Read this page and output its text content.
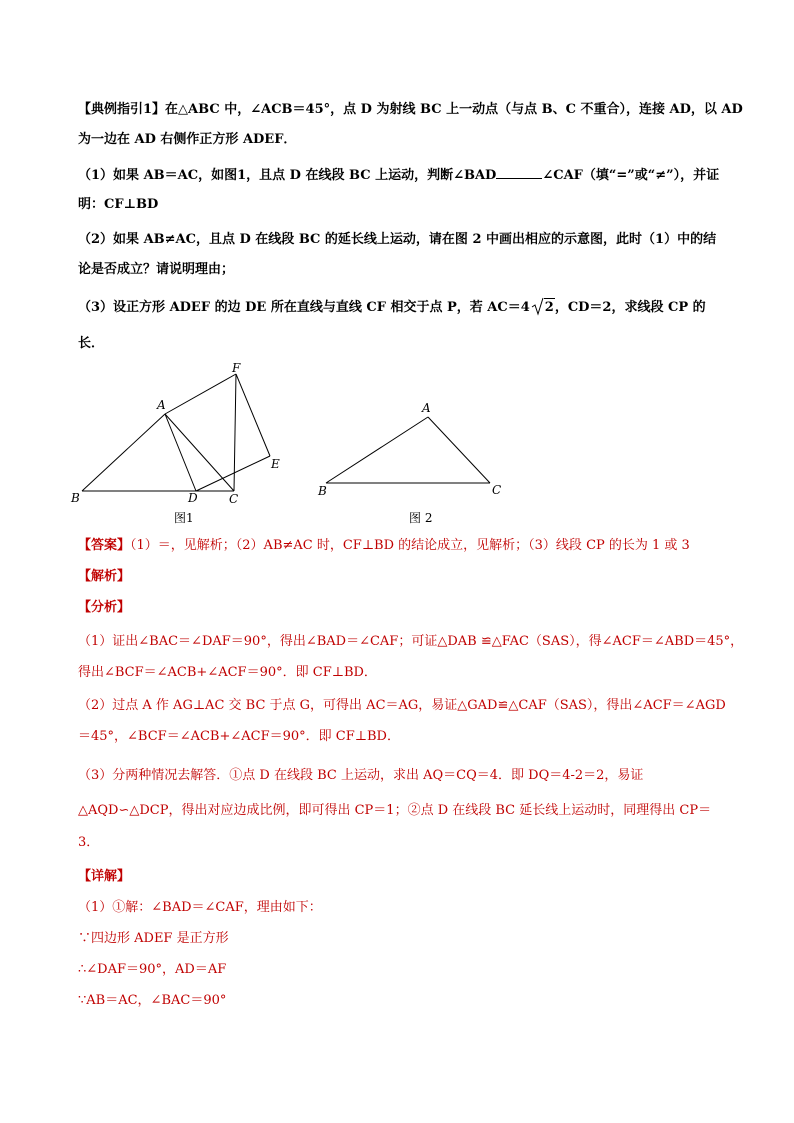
【典例指引1】在△ABC 中，∠ACB＝45°，点 D 为射线 BC 上一动点（与点 B、C 不重合），连接 AD，以 AD
为一边在 AD 右侧作正方形 ADEF．
（1）如果 AB＝AC，如图1，且点 D 在线段 BC 上运动，判断∠BAD	∠CAF（填“=”或“≠”），并证
明：CF⊥BD
（2）如果 AB≠AC，且点 D 在线段 BC 的延长线上运动，请在图 2 中画出相应的示意图，此时（1）中的结
论是否成立？请说明理由；
（3）设正方形 ADEF 的边 DE 所在直线与直线 CF 相交于点 P，若 AC＝4 2，CD＝2，求线段 CP 的
长．
B
A
D	C
F
E
图1
B
A
C
图 2
【答案】（1）＝，见解析；（2）AB≠AC 时，CF⊥BD 的结论成立，见解析；（3）线段 CP 的长为 1 或 3
【解析】
【分析】
（1）证出∠BAC＝∠DAF＝90°，得出∠BAD＝∠CAF；可证△DAB ≌△FAC（SAS），得∠ACF＝∠ABD＝45°，
得出∠BCF＝∠ACB+∠ACF＝90°．即 CF⊥BD．
（2）过点 A 作 AG⊥AC 交 BC 于点 G，可得出 AC＝AG，易证△GAD≌△CAF（SAS），得出∠ACF＝∠AGD
＝45°，∠BCF＝∠ACB+∠ACF＝90°．即 CF⊥BD．
（3）分两种情况去解答．①点 D 在线段 BC 上运动，求出 AQ＝CQ＝4．即 DQ＝4-2＝2，易证
△AQD∽△DCP，得出对应边成比例，即可得出 CP＝1；②点 D 在线段 BC 延长线上运动时，同理得出 CP＝
3．
【详解】
（1）①解：∠BAD＝∠CAF，理由如下：
∵四边形 ADEF 是正方形
∴∠DAF＝90°，AD＝AF
∵AB＝AC，∠BAC＝90°
